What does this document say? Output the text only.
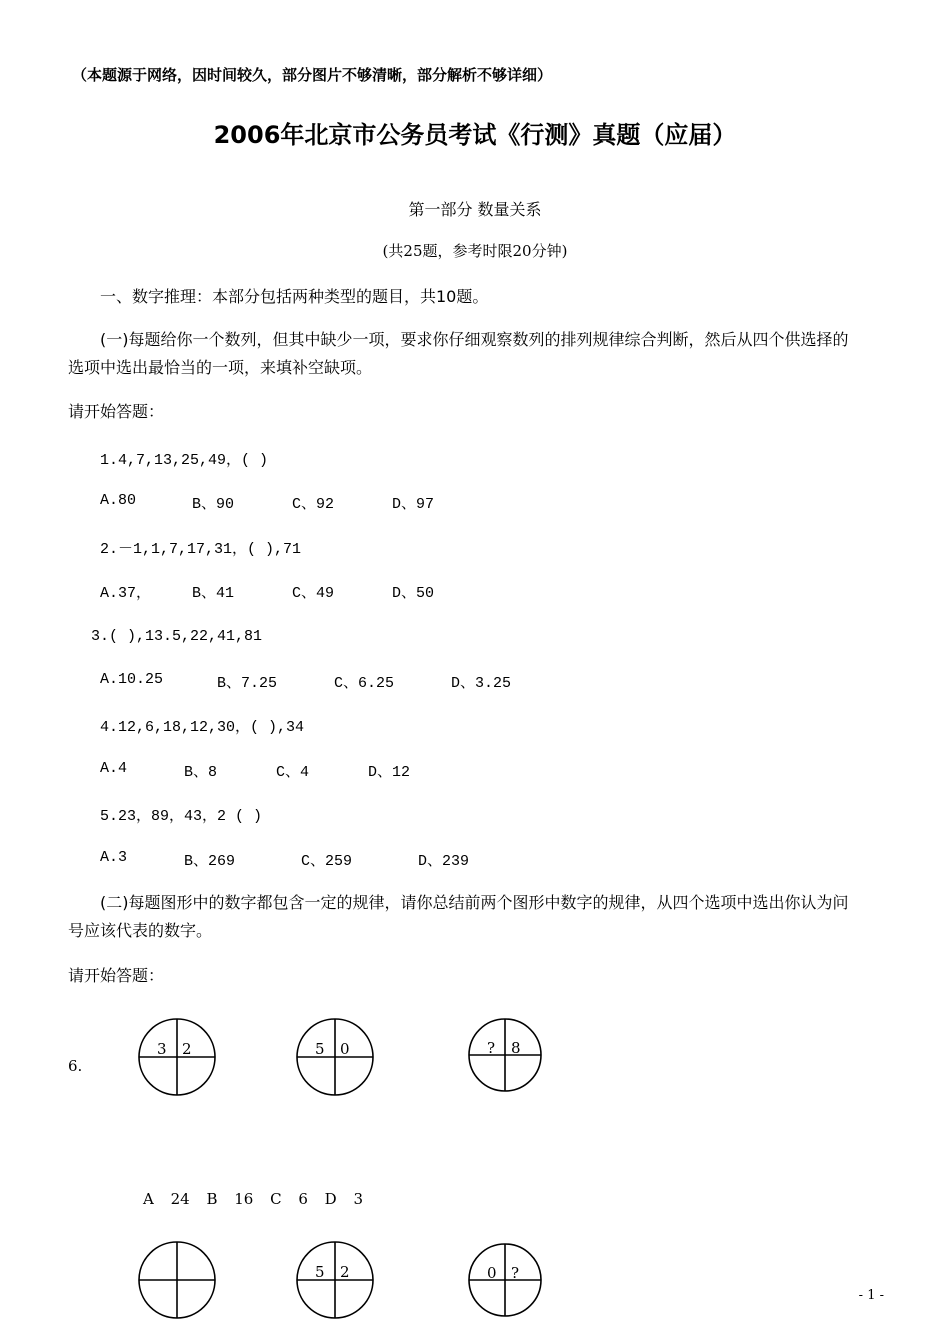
（本题源于网络，因时间较久，部分图片不够清晰，部分解析不够详细）
2006年北京市公务员考试《行测》真题（应届）
第一部分 数量关系
(共25题，参考时限20分钟)
一、数字推理：本部分包括两种类型的题目，共10题。
(一)每题给你一个数列，但其中缺少一项，要求你仔细观察数列的排列规律综合判断，然后从四个供选择的
选项中选出最恰当的一项，来填补空缺项。
请开始答题：
1.4,7,13,25,49，( )
A.80	B、90	C、92	D、97
2.－1,1,7,17,31，( ),71
A.37，	B、41	C、49	D、50
3.( ),13.5,22,41,81
A.10.25	B、7.25	C、6.25	D、3.25
4.12,6,18,12,30，( ),34
A.4	B、8	C、4	D、12
5.23，89，43，2 ( )
A.3	B、269	C、259	D、239
(二)每题图形中的数字都包含一定的规律，请你总结前两个图形中数字的规律，从四个选项中选出你认为问
号应该代表的数字。
请开始答题：
6.
3 2	5 0	? 8
A 24 B 16 C 6 D 3
5 2	0 ?
- 1 -
